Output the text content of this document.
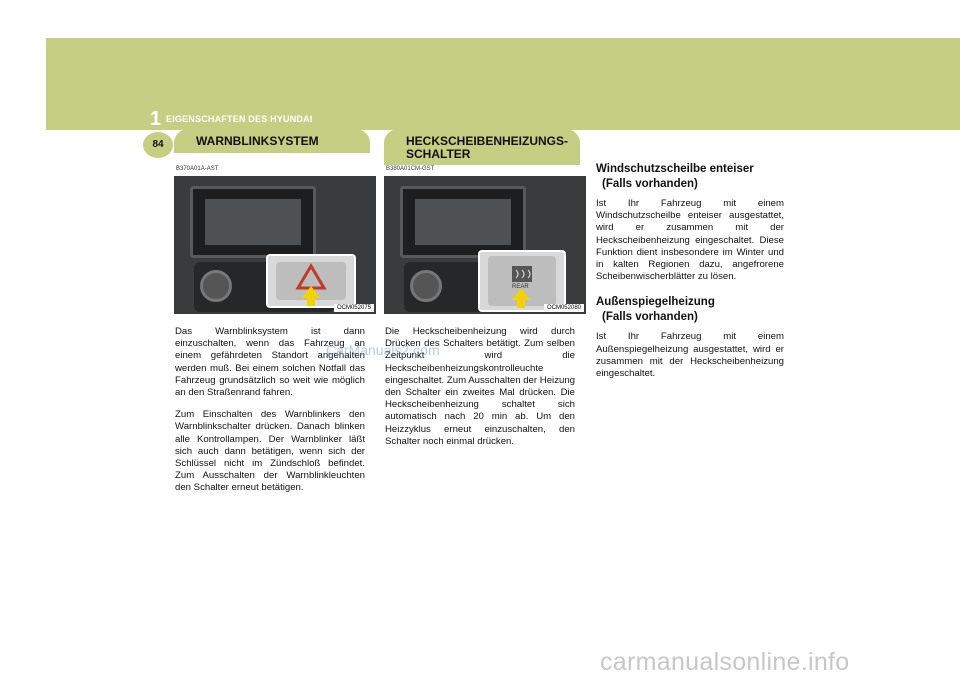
1 EIGENSCHAFTEN DES HYUNDAI
84	WARNBLINKSYSTEM
B370A01A-AST
OCM052075

Das Warnblinksystem ist dann einzuschalten, wenn das Fahrzeug an einem gefährdeten Standort angehalten werden muß. Bei einem solchen Notfall das Fahrzeug grundsätzlich so weit wie möglich an den Straßenrand fahren.

Zum Einschalten des Warnblinkers den Warnblinkschalter drücken. Danach blinken alle Kontrollampen. Der Warnblinker läßt sich auch dann betätigen, wenn sich der Schlüssel nicht im Zündschloß befindet. Zum Ausschalten der Warnblinkleuchten den Schalter erneut betätigen.

HECKSCHEIBENHEIZUNGS-
SCHALTER
B380A01CM-GST
REAR
OCM052080

Die Heckscheibenheizung wird durch Drücken des Schalters betätigt. Zum selben Zeitpunkt wird die Heckscheibenheizungskontrolleuchte eingeschaltet. Zum Ausschalten der Heizung den Schalter ein zweites Mal drücken. Die Heckscheibenheizung schaltet sich automatisch nach 20 min ab. Um den Heizzyklus erneut einzuschalten, den Schalter noch einmal drücken.

Windschutzscheilbe enteiser
(Falls vorhanden)
Ist Ihr Fahrzeug mit einem Windschutzscheilbe enteiser ausgestattet, wird er zusammen mit der Heckscheibenheizung eingeschaltet. Diese Funktion dient insbesondere im Winter und in kalten Regionen dazu, angefrorene Scheibenwischerblätter zu lösen.
Außenspiegelheizung
(Falls vorhanden)
Ist Ihr Fahrzeug mit einem Außenspiegelheizung ausgestattet, wird er zusammen mit der Heckscheibenheizung eingeschaltet.
CarManuals2.com
carmanualsonline.info
